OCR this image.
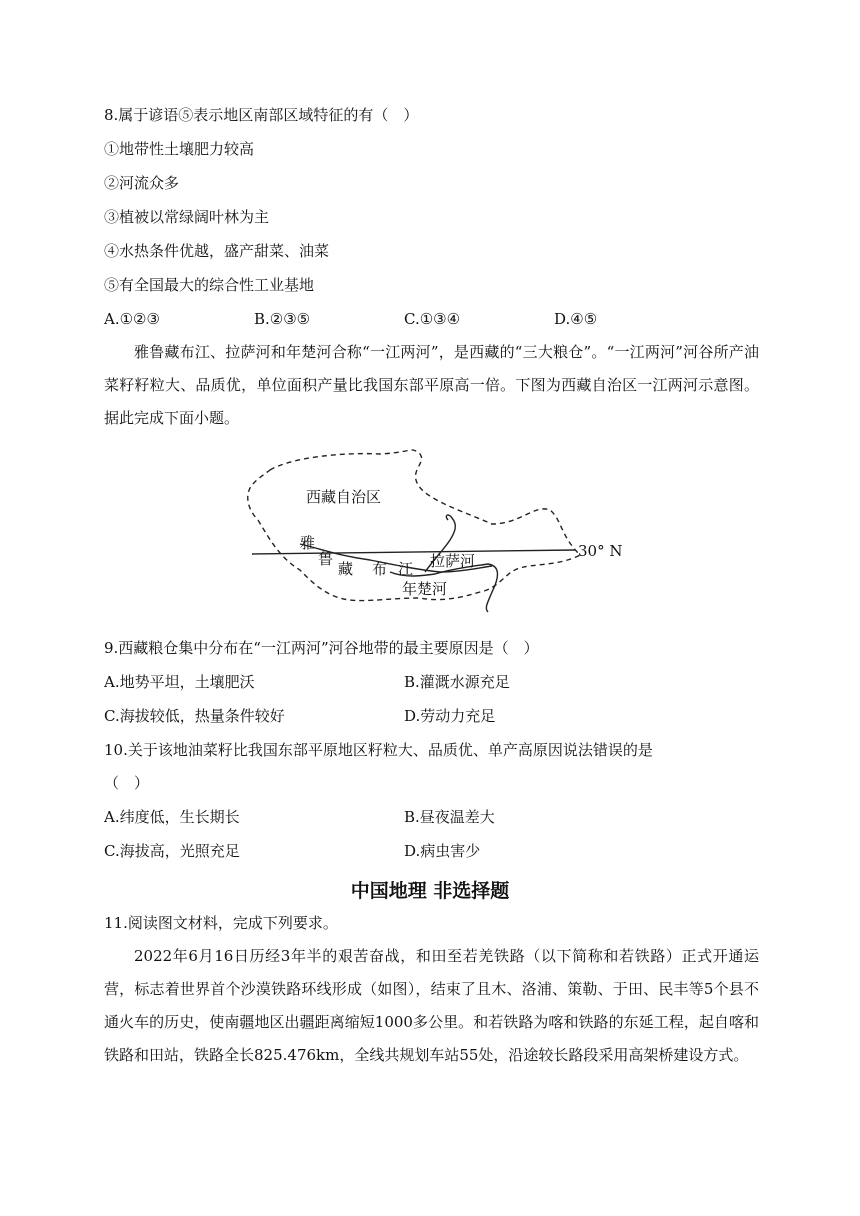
8.属于谚语⑤表示地区南部区域特征的有（　）
①地带性土壤肥力较高
②河流众多
③植被以常绿阔叶林为主
④水热条件优越，盛产甜菜、油菜
⑤有全国最大的综合性工业基地
A.①②③	B.②③⑤	C.①③④	D.④⑤
雅鲁藏布江、拉萨河和年楚河合称“一江两河”，是西藏的“三大粮仓”。“一江两河”河谷所产油菜籽籽粒大、品质优，单位面积产量比我国东部平原高一倍。下图为西藏自治区一江两河示意图。据此完成下面小题。
西藏自治区
雅
鲁
藏 布 江 拉萨河
年楚河
30° N
9.西藏粮仓集中分布在“一江两河”河谷地带的最主要原因是（　）
A.地势平坦，土壤肥沃	B.灌溉水源充足
C.海拔较低，热量条件较好	D.劳动力充足
10.关于该地油菜籽比我国东部平原地区籽粒大、品质优、单产高原因说法错误的是
（　）
A.纬度低，生长期长	B.昼夜温差大
C.海拔高，光照充足	D.病虫害少
中国地理 非选择题
11.阅读图文材料，完成下列要求。
2022年6月16日历经3年半的艰苦奋战，和田至若羌铁路（以下简称和若铁路）正式开通运营，标志着世界首个沙漠铁路环线形成（如图），结束了且木、洛浦、策勒、于田、民丰等5个县不通火车的历史，使南疆地区出疆距离缩短1000多公里。和若铁路为喀和铁路的东延工程，起自喀和铁路和田站，铁路全长825.476km，全线共规划车站55处，沿途较长路段采用高架桥建设方式。
